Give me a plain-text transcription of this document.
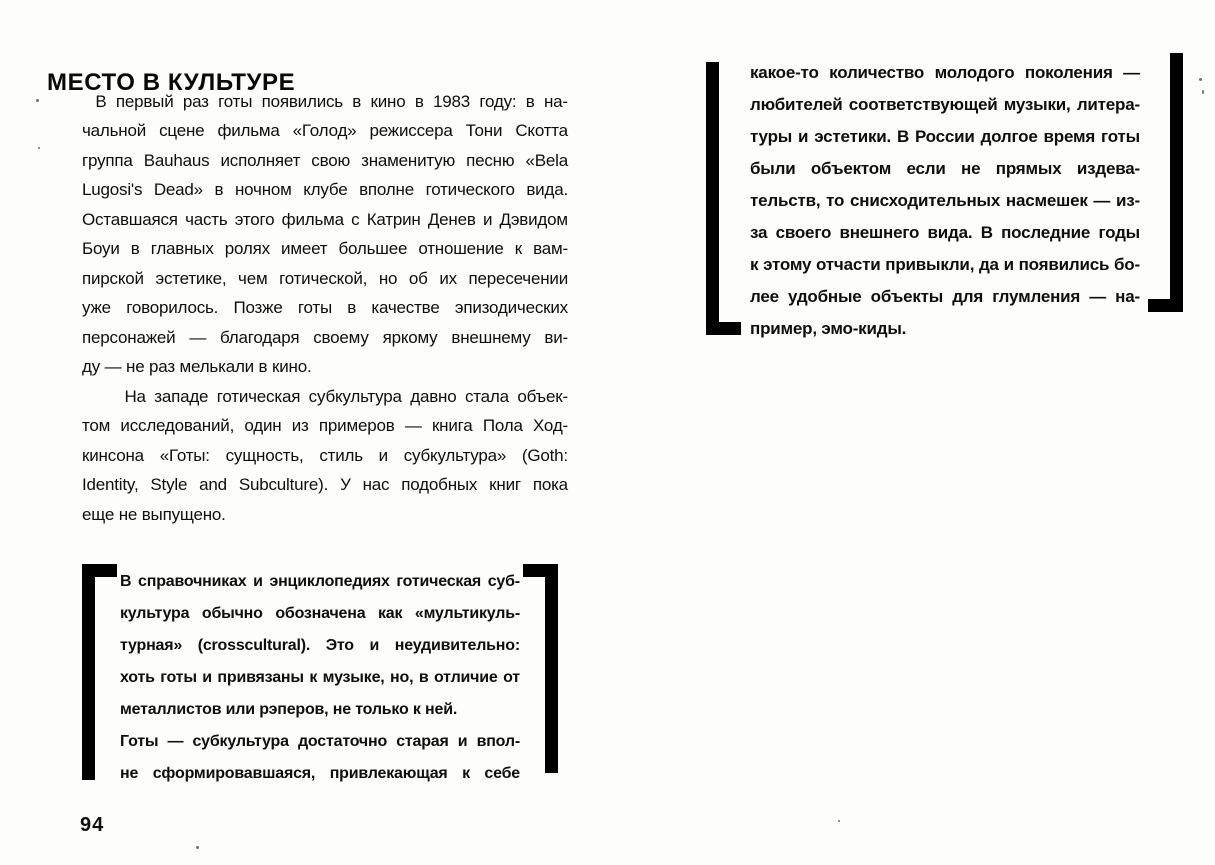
МЕСТО В КУЛЬТУРЕ
В первый раз готы появились в кино в 1983 году: в на-
чальной сцене фильма «Голод» режиссера Тони Скотта
группа Bauhaus исполняет свою знаменитую песню «Bela
Lugosi's Dead» в ночном клубе вполне готического вида.
Оставшаяся часть этого фильма с Катрин Денев и Дэвидом
Боуи в главных ролях имеет большее отношение к вам-
пирской эстетике, чем готической, но об их пересечении
уже говорилось. Позже готы в качестве эпизодических
персонажей — благодаря своему яркому внешнему ви-
ду — не раз мелькали в кино.
На западе готическая субкультура давно стала объек-
том исследований, один из примеров — книга Пола Ход-
кинсона «Готы: сущность, стиль и субкультура» (Goth:
Identity, Style and Subculture). У нас подобных книг пока
еще не выпущено.
какое-то количество молодого поколения —
любителей соответствующей музыки, литера-
туры и эстетики. В России долгое время готы
были объектом если не прямых издева-
тельств, то снисходительных насмешек — из-
за своего внешнего вида. В последние годы
к этому отчасти привыкли, да и появились бо-
лее удобные объекты для глумления — на-
пример, эмо-киды.
В справочниках и энциклопедиях готическая суб-
культура обычно обозначена как «мультикуль-
турная» (crosscultural). Это и неудивительно:
хоть готы и привязаны к музыке, но, в отличие от
металлистов или рэперов, не только к ней.
Готы — субкультура достаточно старая и впол-
не сформировавшаяся, привлекающая к себе
94
